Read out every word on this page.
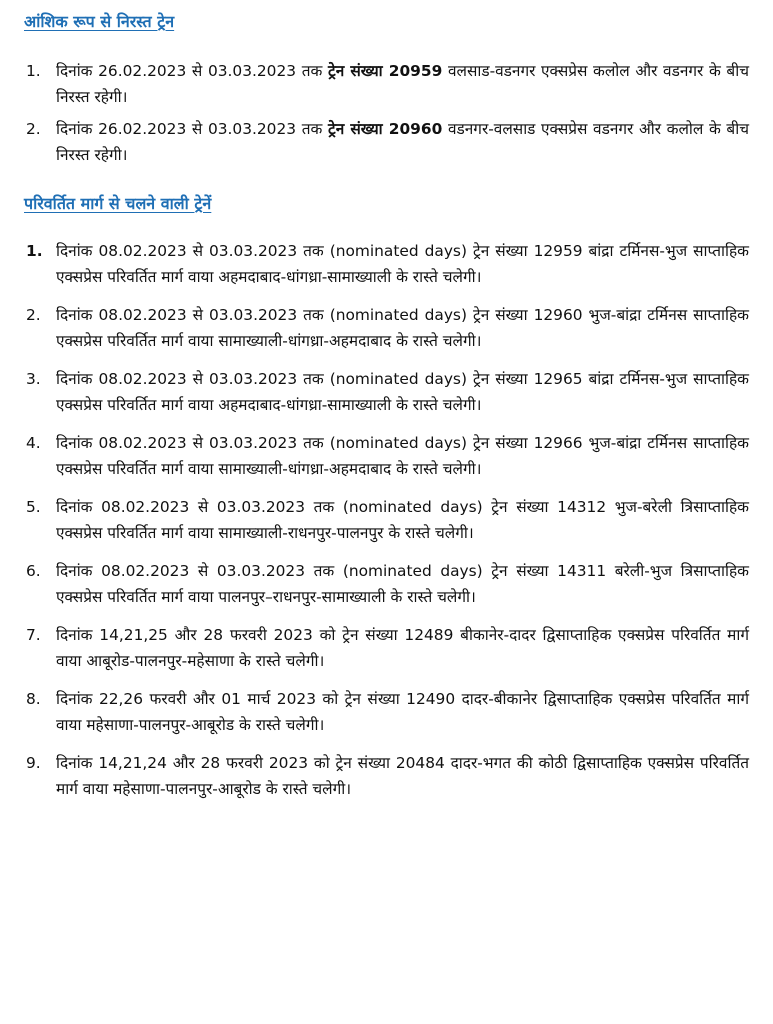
आंशिक रूप से निरस्त ट्रेन
1. दिनांक 26.02.2023 से 03.03.2023 तक ट्रेन संख्या 20959 वलसाड-वडनगर एक्सप्रेस कलोल और वडनगर के बीच निरस्त रहेगी।
2. दिनांक 26.02.2023 से 03.03.2023 तक ट्रेन संख्या 20960 वडनगर-वलसाड एक्सप्रेस वडनगर और कलोल के बीच निरस्त रहेगी।
परिवर्तित मार्ग से चलने वाली ट्रेनें
1. दिनांक 08.02.2023 से 03.03.2023 तक (nominated days) ट्रेन संख्या 12959 बांद्रा टर्मिनस-भुज साप्ताहिक एक्सप्रेस परिवर्तित मार्ग वाया अहमदाबाद-धांगध्रा-सामाख्याली के रास्ते चलेगी।
2. दिनांक 08.02.2023 से 03.03.2023 तक (nominated days) ट्रेन संख्या 12960 भुज-बांद्रा टर्मिनस साप्ताहिक एक्सप्रेस परिवर्तित मार्ग वाया सामाख्याली-धांगध्रा-अहमदाबाद के रास्ते चलेगी।
3. दिनांक 08.02.2023 से 03.03.2023 तक (nominated days) ट्रेन संख्या 12965 बांद्रा टर्मिनस-भुज साप्ताहिक एक्सप्रेस परिवर्तित मार्ग वाया अहमदाबाद-धांगध्रा-सामाख्याली के रास्ते चलेगी।
4. दिनांक 08.02.2023 से 03.03.2023 तक (nominated days) ट्रेन संख्या 12966 भुज-बांद्रा टर्मिनस साप्ताहिक एक्सप्रेस परिवर्तित मार्ग वाया सामाख्याली-धांगध्रा-अहमदाबाद के रास्ते चलेगी।
5. दिनांक 08.02.2023 से 03.03.2023 तक (nominated days) ट्रेन संख्या 14312 भुज-बरेली त्रिसाप्ताहिक एक्सप्रेस परिवर्तित मार्ग वाया सामाख्याली-राधनपुर-पालनपुर के रास्ते चलेगी।
6. दिनांक 08.02.2023 से 03.03.2023 तक (nominated days) ट्रेन संख्या 14311 बरेली-भुज त्रिसाप्ताहिक एक्सप्रेस परिवर्तित मार्ग वाया पालनपुर–राधनपुर-सामाख्याली के रास्ते चलेगी।
7. दिनांक 14,21,25 और 28 फरवरी 2023 को ट्रेन संख्या 12489 बीकानेर-दादर द्विसाप्ताहिक एक्सप्रेस परिवर्तित मार्ग वाया आबूरोड-पालनपुर-महेसाणा के रास्ते चलेगी।
8. दिनांक 22,26 फरवरी और 01 मार्च 2023 को ट्रेन संख्या 12490 दादर-बीकानेर द्विसाप्ताहिक एक्सप्रेस परिवर्तित मार्ग वाया महेसाणा-पालनपुर-आबूरोड के रास्ते चलेगी।
9. दिनांक 14,21,24 और 28 फरवरी 2023 को ट्रेन संख्या 20484 दादर-भगत की कोठी द्विसाप्ताहिक एक्सप्रेस परिवर्तित मार्ग वाया महेसाणा-पालनपुर-आबूरोड के रास्ते चलेगी।
